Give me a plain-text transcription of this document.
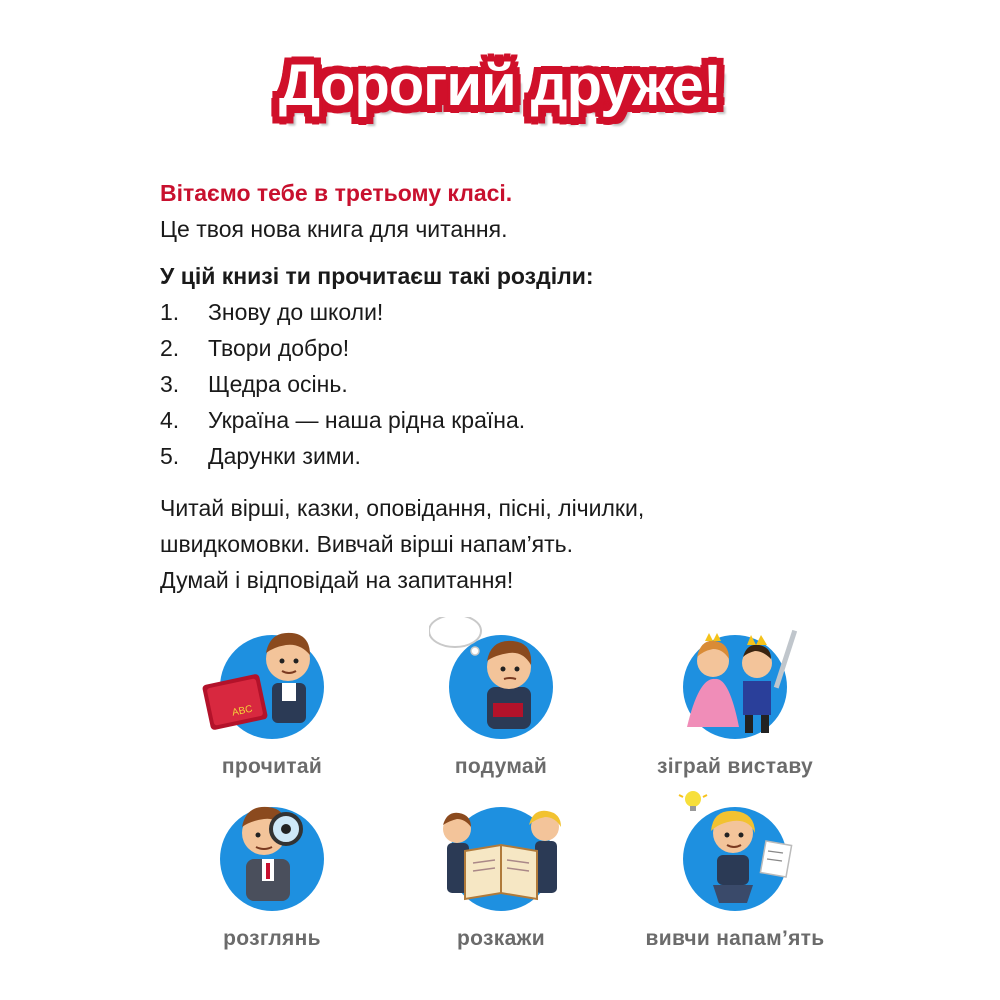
Дорогий друже!
Вітаємо тебе в третьому класі.
Це твоя нова книга для читання.
У цій книзі ти прочитаєш такі розділи:
1.	Знову до школи!
2.	Твори добро!
3.	Щедра осінь.
4.	Україна — наша рідна країна.
5.	Дарунки зими.
Читай вірші, казки, оповідання, пісні, лічилки,
швидкомовки. Вивчай вірші напам’ять.
Думай і відповідай на запитання!
ABC
прочитай	подумай	зіграй виставу
розглянь	розкажи	вивчи напам’ять
